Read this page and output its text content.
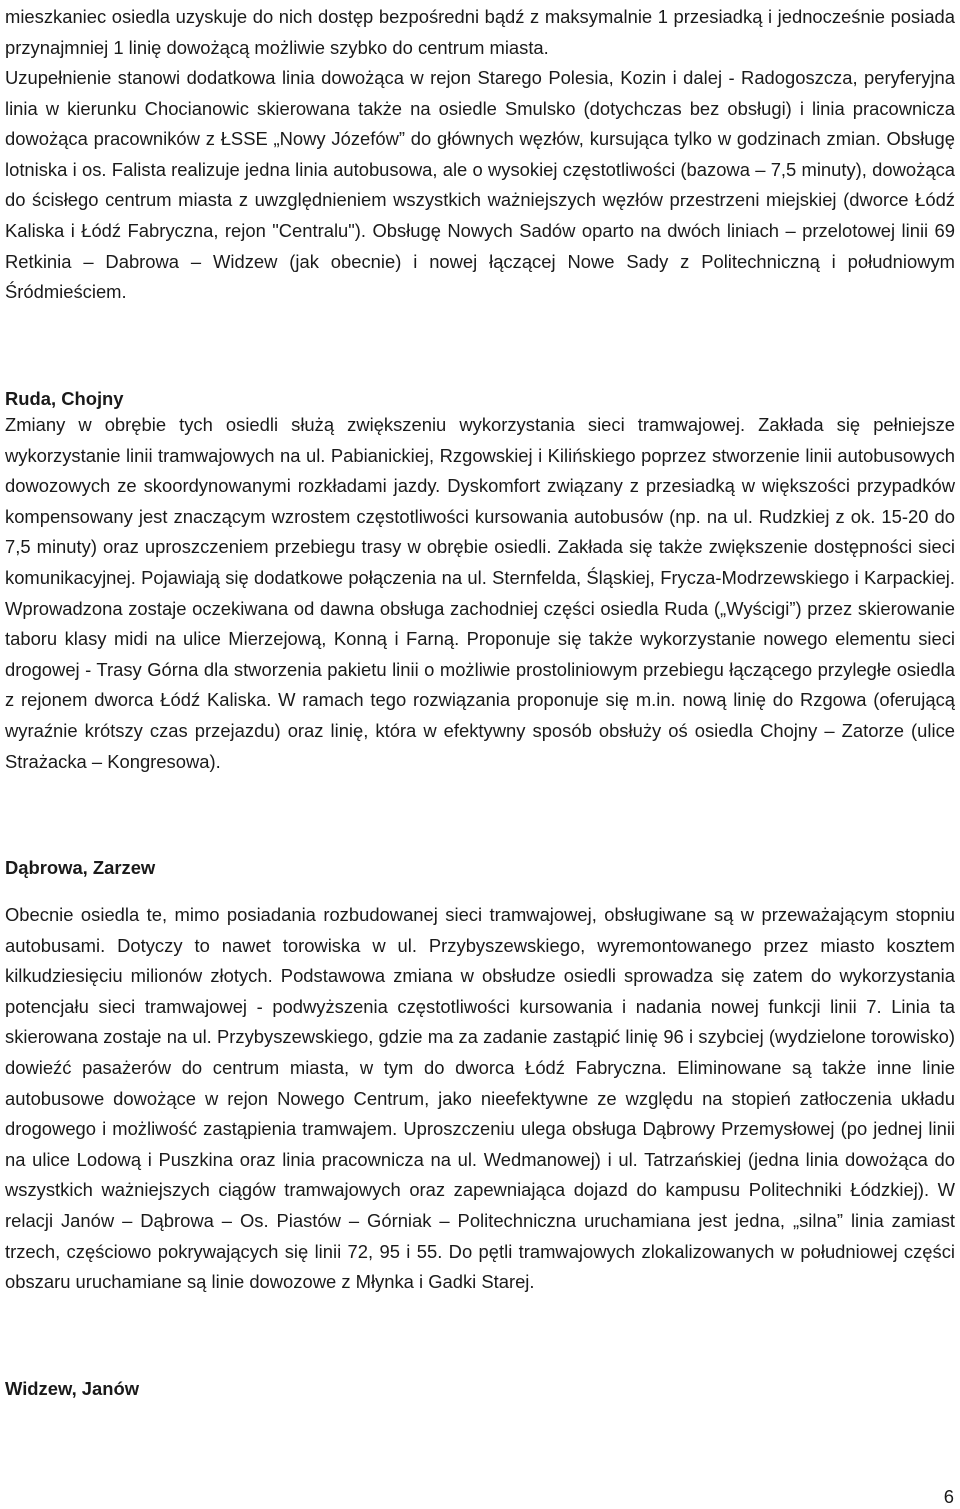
mieszkaniec osiedla uzyskuje do nich dostęp bezpośredni bądź z maksymalnie 1 przesiadką i jednocześnie posiada przynajmniej 1 linię dowożącą możliwie szybko do centrum miasta.

Uzupełnienie stanowi dodatkowa linia dowożąca w rejon Starego Polesia, Kozin i dalej - Radogoszcza, peryferyjna linia w kierunku Chocianowic skierowana także na osiedle Smulsko (dotychczas bez obsługi) i linia pracownicza dowożąca pracowników z ŁSSE „Nowy Józefów” do głównych węzłów, kursująca tylko w godzinach zmian. Obsługę lotniska i os. Falista realizuje jedna linia autobusowa, ale o wysokiej częstotliwości (bazowa – 7,5 minuty), dowożąca do ścisłego centrum miasta z uwzględnieniem wszystkich ważniejszych węzłów przestrzeni miejskiej (dworce Łódź Kaliska i Łódź Fabryczna, rejon "Centralu"). Obsługę Nowych Sadów oparto na dwóch liniach – przelotowej linii 69 Retkinia – Dabrowa – Widzew (jak obecnie) i nowej łączącej Nowe Sady z Politechniczną i południowym Śródmieściem.

Ruda, Chojny

Zmiany w obrębie tych osiedli służą zwiększeniu wykorzystania sieci tramwajowej. Zakłada się pełniejsze wykorzystanie linii tramwajowych na ul. Pabianickiej, Rzgowskiej i Kilińskiego poprzez stworzenie linii autobusowych dowozowych ze skoordynowanymi rozkładami jazdy. Dyskomfort związany z przesiadką w większości przypadków kompensowany jest znaczącym wzrostem częstotliwości kursowania autobusów (np. na ul. Rudzkiej z ok. 15-20 do 7,5 minuty) oraz uproszczeniem przebiegu trasy w obrębie osiedli. Zakłada się także zwiększenie dostępności sieci komunikacyjnej. Pojawiają się dodatkowe połączenia na ul. Sternfelda, Śląskiej, Frycza-Modrzewskiego i Karpackiej. Wprowadzona zostaje oczekiwana od dawna obsługa zachodniej części osiedla Ruda („Wyścigi”) przez skierowanie taboru klasy midi na ulice Mierzejową, Konną i Farną. Proponuje się także wykorzystanie nowego elementu sieci drogowej - Trasy Górna dla stworzenia pakietu linii o możliwie prostoliniowym przebiegu łączącego przyległe osiedla z rejonem dworca Łódź Kaliska. W ramach tego rozwiązania proponuje się m.in. nową linię do Rzgowa (oferującą wyraźnie krótszy czas przejazdu) oraz linię, która w efektywny sposób obsłuży oś osiedla Chojny – Zatorze (ulice Strażacka – Kongresowa).

Dąbrowa, Zarzew

Obecnie osiedla te, mimo posiadania rozbudowanej sieci tramwajowej, obsługiwane są w przeważającym stopniu autobusami. Dotyczy to nawet torowiska w ul. Przybyszewskiego, wyremontowanego przez miasto kosztem kilkudziesięciu milionów złotych. Podstawowa zmiana w obsłudze osiedli sprowadza się zatem do wykorzystania potencjału sieci tramwajowej - podwyższenia częstotliwości kursowania i nadania nowej funkcji linii 7. Linia ta skierowana zostaje na ul. Przybyszewskiego, gdzie ma za zadanie zastąpić linię 96 i szybciej (wydzielone torowisko) dowieźć pasażerów do centrum miasta, w tym do dworca Łódź Fabryczna. Eliminowane są także inne linie autobusowe dowożące w rejon Nowego Centrum, jako nieefektywne ze względu na stopień zatłoczenia układu drogowego i możliwość zastąpienia tramwajem. Uproszczeniu ulega obsługa Dąbrowy Przemysłowej (po jednej linii na ulice Lodową i Puszkina oraz linia pracownicza na ul. Wedmanowej) i ul. Tatrzańskiej (jedna linia dowożąca do wszystkich ważniejszych ciągów tramwajowych oraz zapewniająca dojazd do kampusu Politechniki Łódzkiej). W relacji Janów – Dąbrowa – Os. Piastów – Górniak – Politechniczna uruchamiana jest jedna, „silna” linia zamiast trzech, częściowo pokrywających się linii 72, 95 i 55. Do pętli tramwajowych zlokalizowanych w południowej części obszaru uruchamiane są linie dowozowe z Młynka i Gadki Starej.

Widzew, Janów
6
